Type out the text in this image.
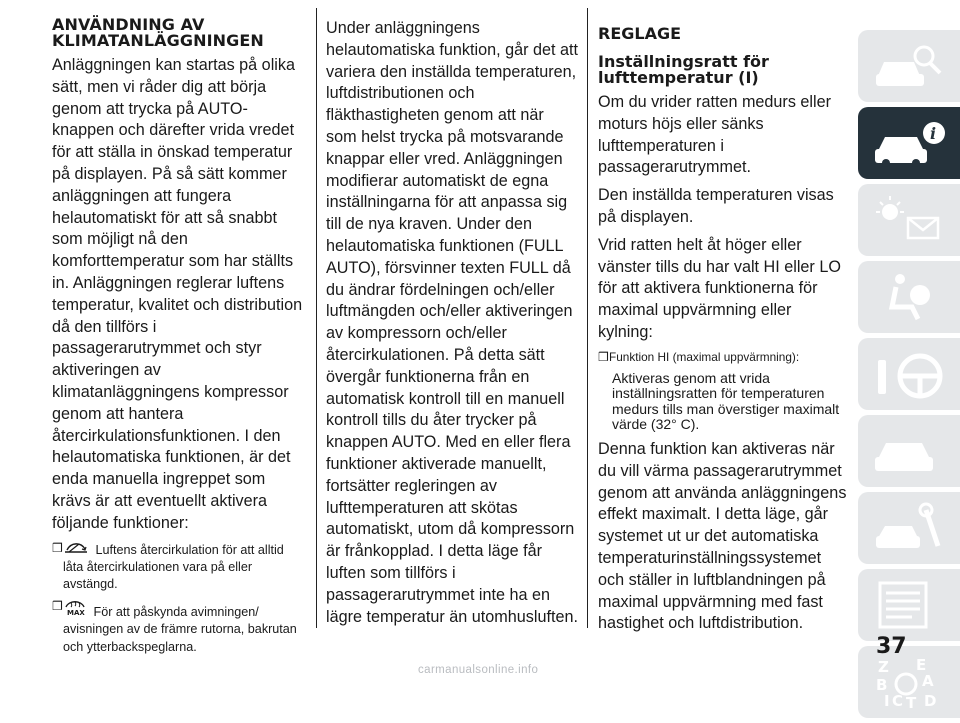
ANVÄNDNING AV
KLIMATANLÄGGNINGEN

Anläggningen kan startas på olika sätt, men vi råder dig att börja genom att trycka på AUTO-knappen och därefter vrida vredet för att ställa in önskad temperatur på displayen. På så sätt kommer anläggningen att fungera helautomatiskt för att så snabbt som möjligt nå den komforttemperatur som har ställts in. Anläggningen reglerar luftens temperatur, kvalitet och distribution då den tillförs i passagerarutrymmet och styr aktiveringen av klimatanläggningens kompressor genom att hantera återcirkulationsfunktionen. I den helautomatiska funktionen, är det enda manuella ingreppet som krävs är att eventuellt aktivera följande funktioner:

❒	Luftens återcirkulation för att alltid låta återcirkulationen vara på eller avstängd.
❒ MAX För att påskynda avimningen/ avisningen av de främre rutorna, bakrutan och ytterbackspeglarna.

Under anläggningens helautomatiska funktion, går det att variera den inställda temperaturen, luftdistributionen och fläkthastigheten genom att när som helst trycka på motsvarande knappar eller vred. Anläggningen modifierar automatiskt de egna inställningarna för att anpassa sig till de nya kraven. Under den helautomatiska funktionen (FULL AUTO), försvinner texten FULL då du ändrar fördelningen och/eller luftmängden och/eller aktiveringen av kompressorn och/eller återcirkulationen. På detta sätt övergår funktionerna från en automatisk kontroll till en manuell kontroll tills du åter trycker på knappen AUTO. Med en eller flera funktioner aktiverade manuellt, fortsätter regleringen av lufttemperaturen att skötas automatiskt, utom då kompressorn är frånkopplad. I detta läge får luften som tillförs i passagerarutrymmet inte ha en lägre temperatur än utomhusluften.

REGLAGE
Inställningsratt för
lufttemperatur (I)

Om du vrider ratten medurs eller moturs höjs eller sänks lufttemperaturen i passagerarutrymmet.

Den inställda temperaturen visas på displayen.

Vrid ratten helt åt höger eller vänster tills du har valt HI eller LO för att aktivera funktionerna för maximal uppvärmning eller kylning:

❒ Funktion HI (maximal uppvärmning):

Aktiveras genom att vrida inställningsratten för temperaturen medurs tills man överstiger maximalt värde (32° C).

Denna funktion kan aktiveras när du vill värma passagerarutrymmet genom att använda anläggningens effekt maximalt. I detta läge, går systemet ut ur det automatiska temperaturinställningssystemet och ställer in luftblandningen på maximal uppvärmning med fast hastighet och luftdistribution.

i
Z E
B A
D
I C T
37
carmanualsonline.info
